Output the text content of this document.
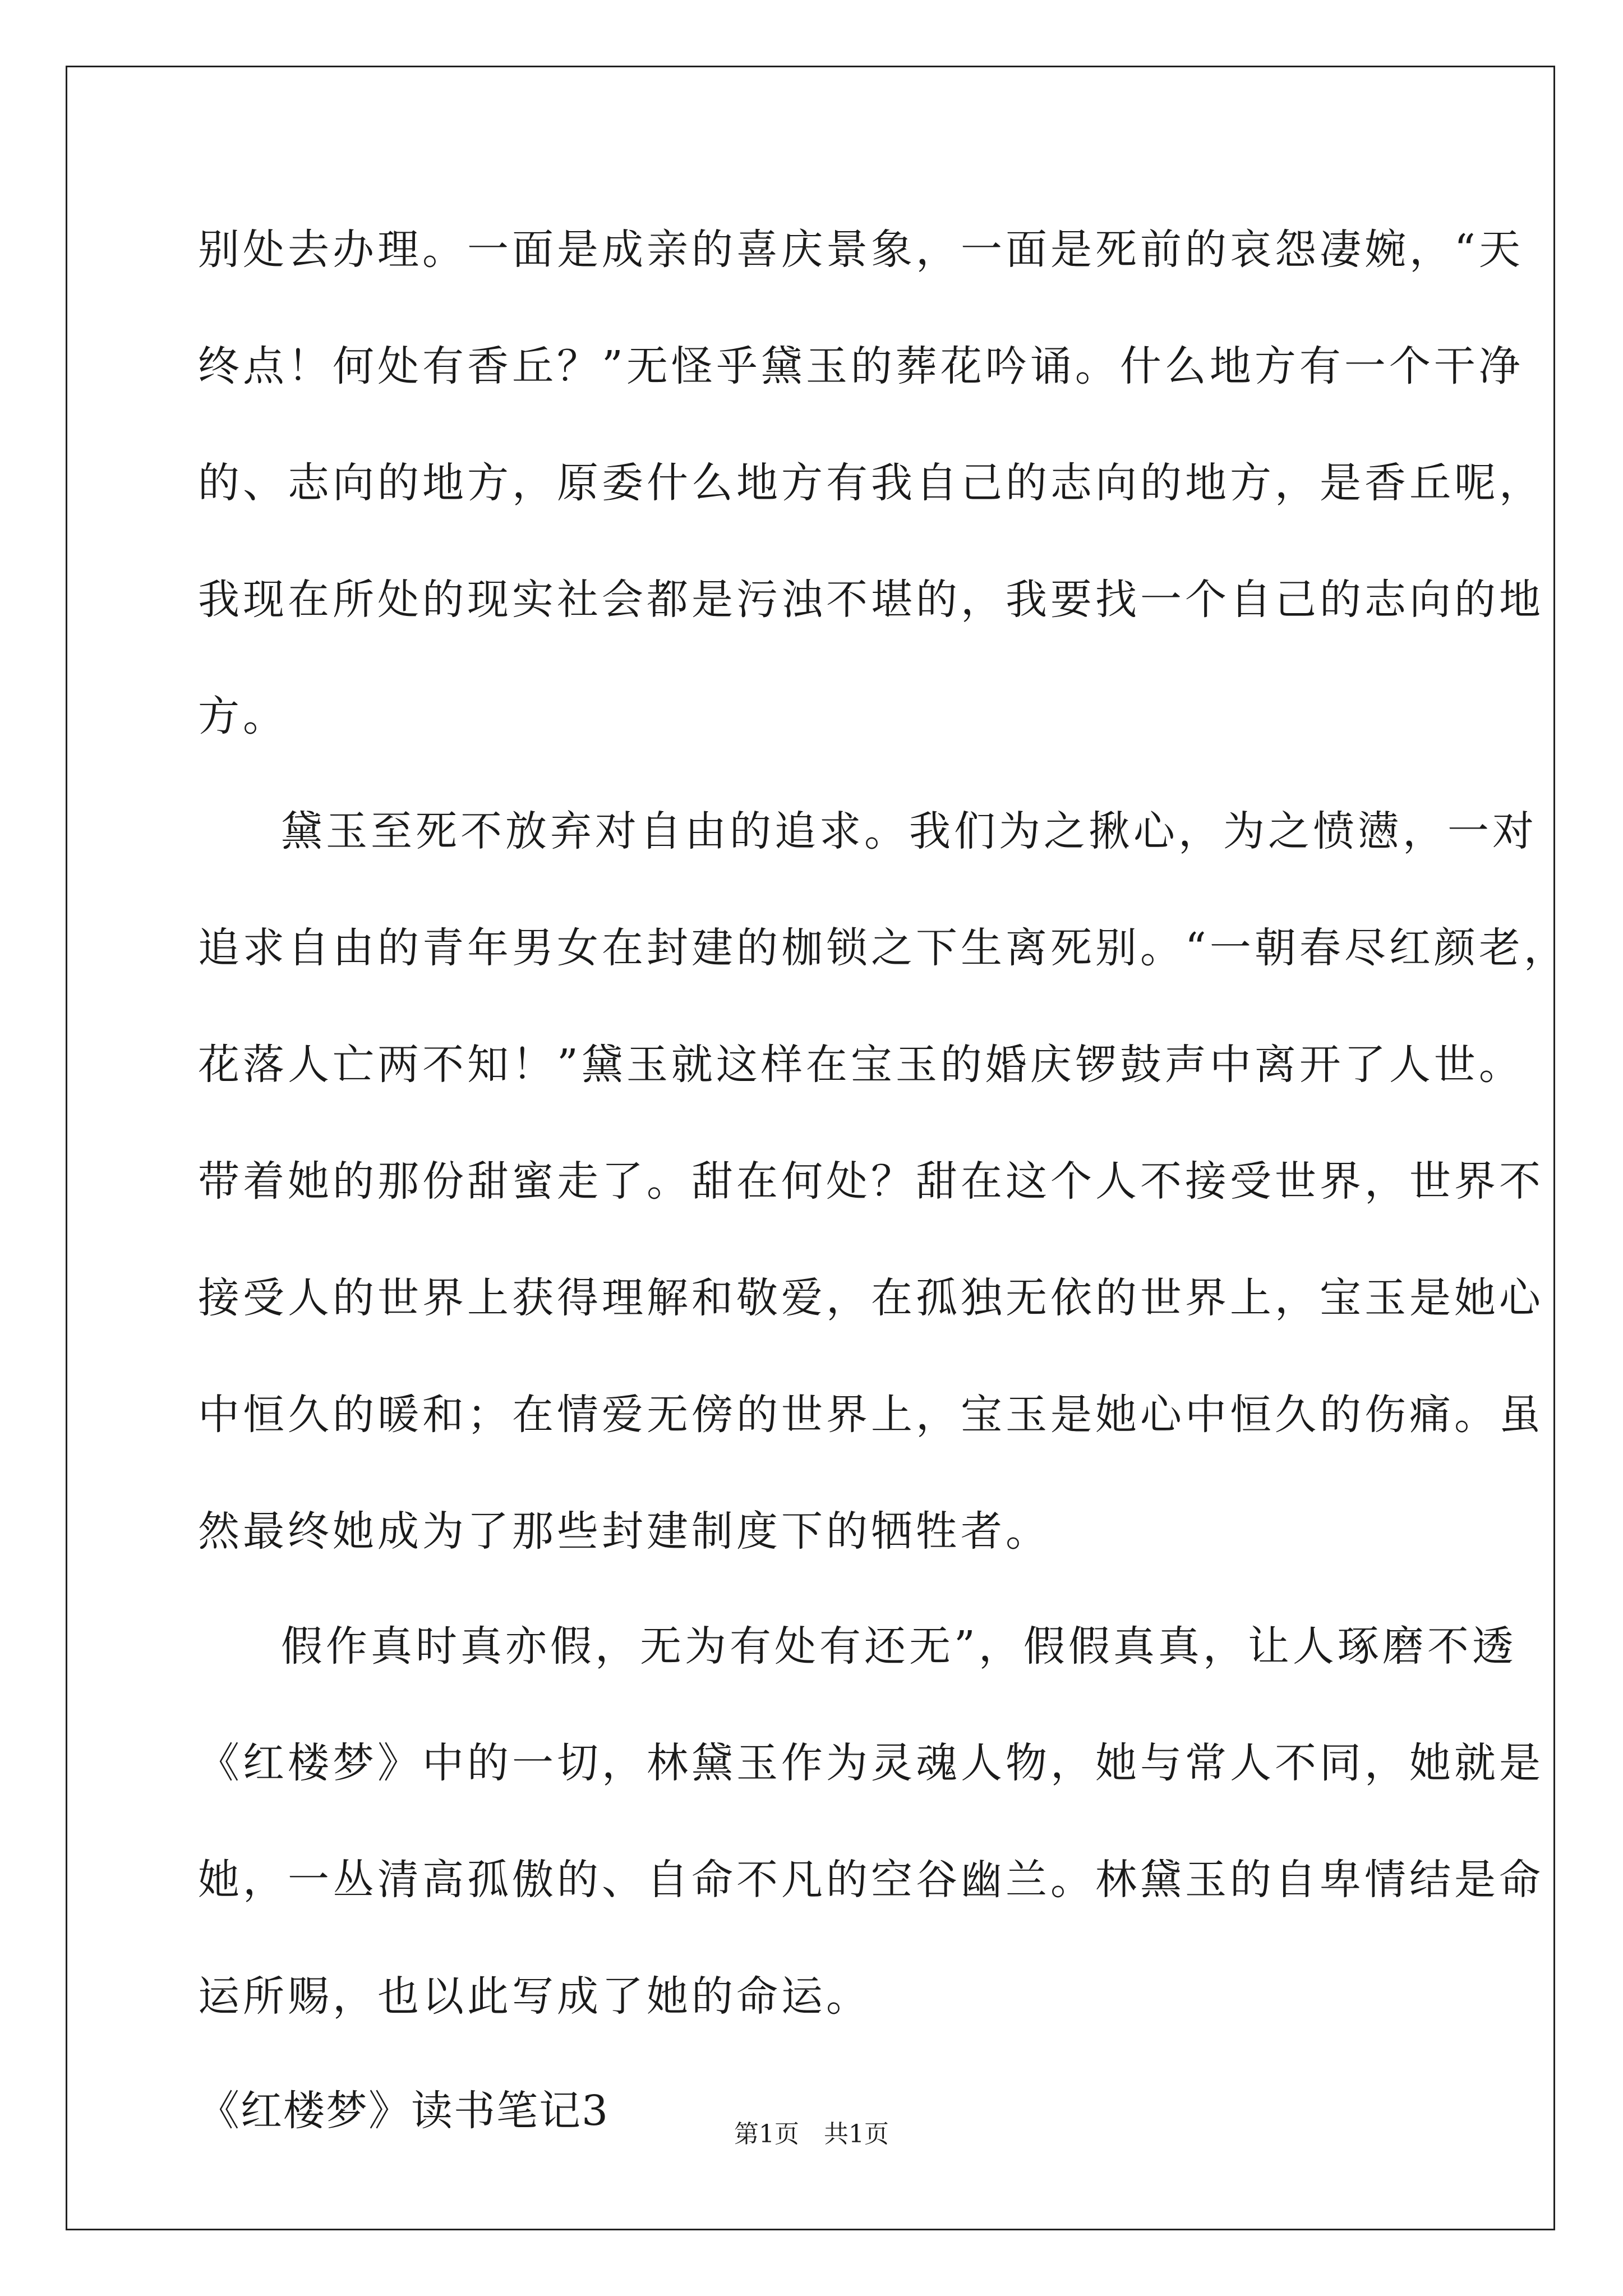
别处去办理。一面是成亲的喜庆景象，一面是死前的哀怨凄婉，“天
终点！何处有香丘？”无怪乎黛玉的葬花吟诵。什么地方有一个干净
的、志向的地方，原委什么地方有我自己的志向的地方，是香丘呢，
我现在所处的现实社会都是污浊不堪的，我要找一个自己的志向的地
方。
黛玉至死不放弃对自由的追求。我们为之揪心，为之愤懑，一对
追求自由的青年男女在封建的枷锁之下生离死别。“一朝春尽红颜老，
花落人亡两不知！”黛玉就这样在宝玉的婚庆锣鼓声中离开了人世。
带着她的那份甜蜜走了。甜在何处？甜在这个人不接受世界，世界不
接受人的世界上获得理解和敬爱，在孤独无依的世界上，宝玉是她心
中恒久的暖和；在情爱无傍的世界上，宝玉是她心中恒久的伤痛。虽
然最终她成为了那些封建制度下的牺牲者。
假作真时真亦假，无为有处有还无”，假假真真，让人琢磨不透
《红楼梦》中的一切，林黛玉作为灵魂人物，她与常人不同，她就是
她，一丛清高孤傲的、自命不凡的空谷幽兰。林黛玉的自卑情结是命
运所赐，也以此写成了她的命运。
《红楼梦》读书笔记3	第1页　共1页
